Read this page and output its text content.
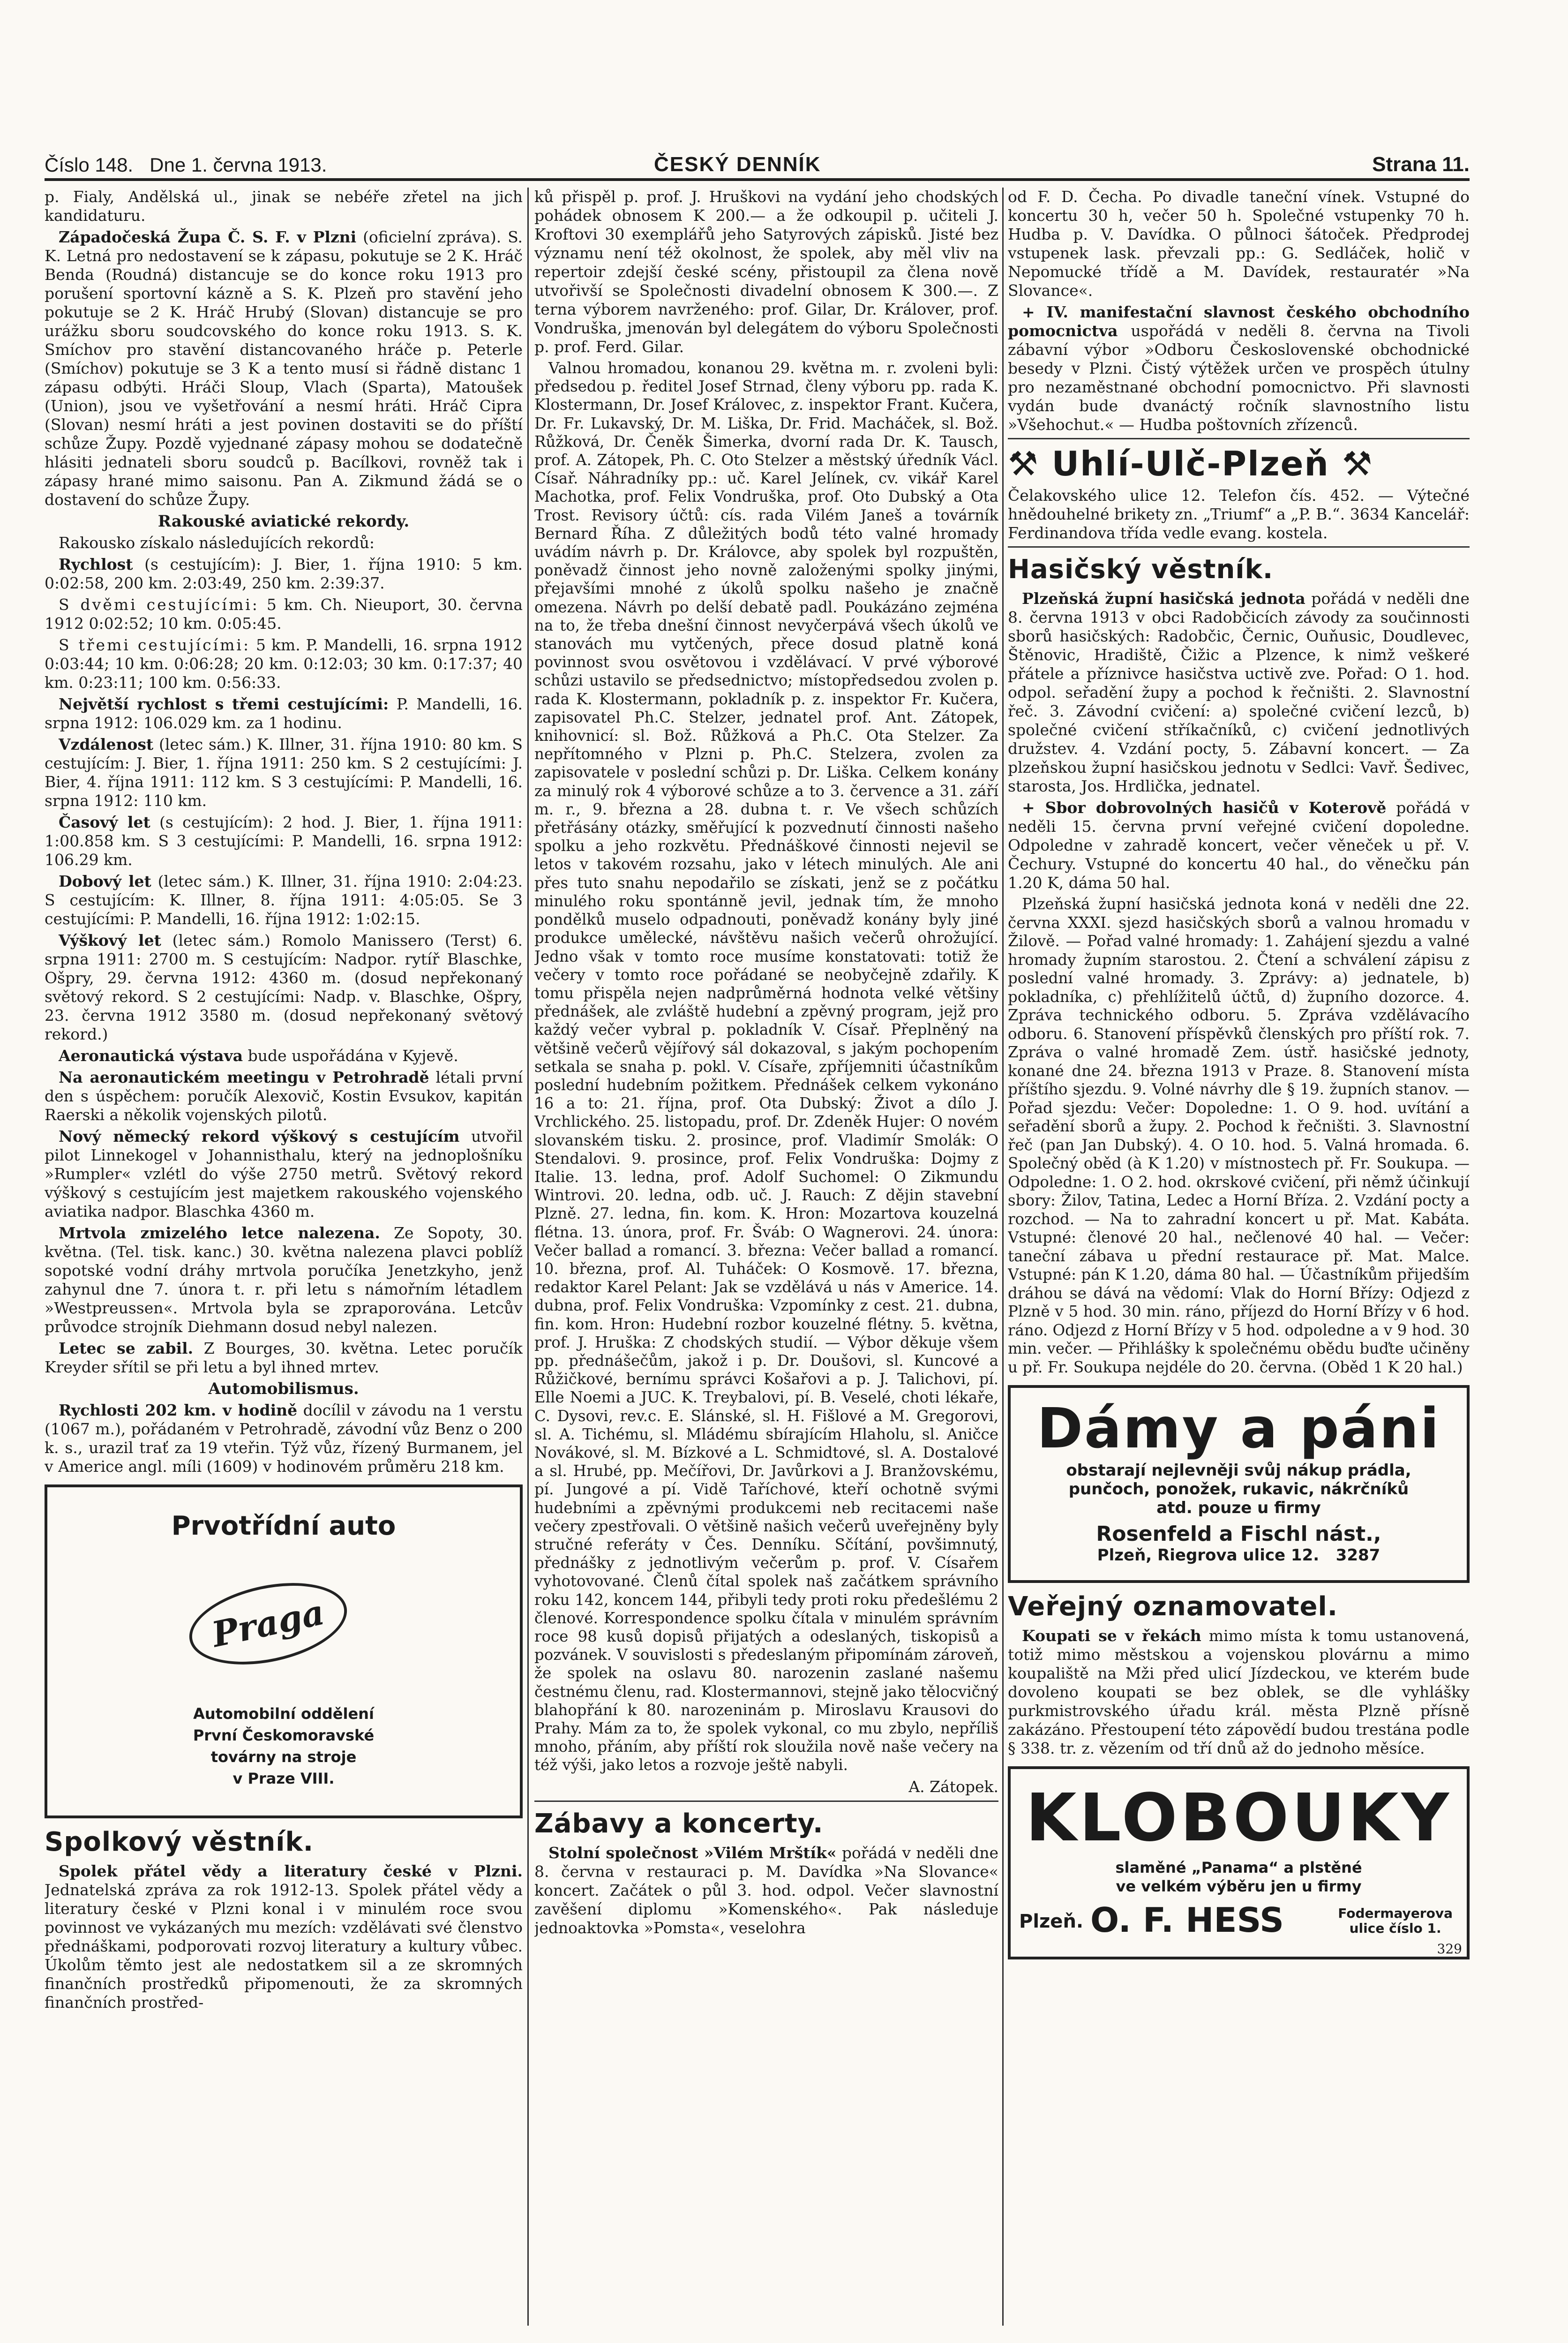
Číslo 148. Dne 1. června 1913.	ČESKÝ DENNÍK	Strana 11.

p. Fialy, Andělská ul., jinak se nebéře zřetel na jich kandidaturu.

Západočeská Župa Č. S. F. v Plzni (oficielní zpráva). S. K. Letná pro nedostavení se k zápasu, pokutuje se 2 K. Hráč Benda (Roudná) distancuje se do konce roku 1913 pro porušení sportovní kázně a S. K. Plzeň pro stavění jeho pokutuje se 2 K. Hráč Hrubý (Slovan) distancuje se pro urážku sboru soudcovského do konce roku 1913. S. K. Smíchov pro stavění distancovaného hráče p. Peterle (Smíchov) pokutuje se 3 K a tento musí si řádně distanc 1 zápasu odbýti. Hráči Sloup, Vlach (Sparta), Matoušek (Union), jsou ve vyšetřování a nesmí hráti. Hráč Cipra (Slovan) nesmí hráti a jest povinen dostaviti se do příští schůze Župy. Pozdě vyjednané zápasy mohou se dodatečně hlásiti jednateli sboru soudců p. Bacílkovi, rovněž tak i zápasy hrané mimo saisonu. Pan A. Zikmund žádá se o dostavení do schůze Župy.

Rakouské aviatické rekordy.

Rakousko získalo následujících rekordů:

Rychlost (s cestujícím): J. Bier, 1. října 1910: 5 km. 0:02:58, 200 km. 2:03:49, 250 km. 2:39:37.

S dvěmi cestujícími: 5 km. Ch. Nieuport, 30. června 1912 0:02:52; 10 km. 0:05:45.

S třemi cestujícími: 5 km. P. Mandelli, 16. srpna 1912 0:03:44; 10 km. 0:06:28; 20 km. 0:12:03; 30 km. 0:17:37; 40 km. 0:23:11; 100 km. 0:56:33.

Největší rychlost s třemi cestujícími: P. Mandelli, 16. srpna 1912: 106.029 km. za 1 hodinu.

Vzdálenost (letec sám.) K. Illner, 31. října 1910: 80 km. S cestujícím: J. Bier, 1. října 1911: 250 km. S 2 cestujícími: J. Bier, 4. října 1911: 112 km. S 3 cestujícími: P. Mandelli, 16. srpna 1912: 110 km.

Časový let (s cestujícím): 2 hod. J. Bier, 1. října 1911: 1:00.858 km. S 3 cestujícími: P. Mandelli, 16. srpna 1912: 106.29 km.

Dobový let (letec sám.) K. Illner, 31. října 1910: 2:04:23. S cestujícím: K. Illner, 8. října 1911: 4:05:05. Se 3 cestujícími: P. Mandelli, 16. října 1912: 1:02:15.

Výškový let (letec sám.) Romolo Manissero (Terst) 6. srpna 1911: 2700 m. S cestujícím: Nadpor. rytíř Blaschke, Ošpry, 29. června 1912: 4360 m. (dosud nepřekonaný světový rekord. S 2 cestujícími: Nadp. v. Blaschke, Ošpry, 23. června 1912 3580 m. (dosud nepřekonaný světový rekord.)

Aeronautická výstava bude uspořádána v Kyjevě.

Na aeronautickém meetingu v Petrohradě létali první den s úspěchem: poručík Alexovič, Kostin Evsukov, kapitán Raerski a několik vojenských pilotů.

Nový německý rekord výškový s cestujícím utvořil pilot Linnekogel v Johannisthalu, který na jednoplošníku »Rumpler« vzlétl do výše 2750 metrů. Světový rekord výškový s cestujícím jest majetkem rakouského vojenského aviatika nadpor. Blaschka 4360 m.

Mrtvola zmizelého letce nalezena. Ze Sopoty, 30. května. (Tel. tisk. kanc.) 30. května nalezena plavci poblíž sopotské vodní dráhy mrtvola poručíka Jenetzkyho, jenž zahynul dne 7. února t. r. při letu s námořním létadlem »Westpreussen«. Mrtvola byla se zpraporována. Letcův průvodce strojník Diehmann dosud nebyl nalezen.

Letec se zabil. Z Bourges, 30. května. Letec poručík Kreyder sřítil se při letu a byl ihned mrtev.

Automobilismus.

Rychlosti 202 km. v hodině docílil v závodu na 1 verstu (1067 m.), pořádaném v Petrohradě, závodní vůz Benz o 200 k. s., urazil trať za 19 vteřin. Týž vůz, řízený Burmanem, jel v Americe angl. míli (1609) v hodinovém průměru 218 km.

Prvotřídní auto
Praga
Automobilní oddělení
První Českomoravské
továrny na stroje
v Praze VIII.
Spolkový věstník.

Spolek přátel vědy a literatury české v Plzni. Jednatelská zpráva za rok 1912-13. Spolek přátel vědy a literatury české v Plzni konal i v minulém roce svou povinnost ve vykázaných mu mezích: vzdělávati své členstvo přednáškami, podporovati rozvoj literatury a kultury vůbec. Úkolům těmto jest ale nedostatkem sil a ze skromných finančních prostředků připomenouti, že za skromných finančních prostřed-

ků přispěl p. prof. J. Hruškovi na vydání jeho chodských pohádek obnosem K 200.— a že odkoupil p. učiteli J. Kroftovi 30 exemplářů jeho Satyrových zápisků. Jisté bez významu není též okolnost, že spolek, aby měl vliv na repertoir zdejší české scény, přistoupil za člena nově utvořivší se Společnosti divadelní obnosem K 300.—. Z terna výborem navrženého: prof. Gilar, Dr. Králover, prof. Vondruška, jmenován byl delegátem do výboru Společnosti p. prof. Ferd. Gilar.

Valnou hromadou, konanou 29. května m. r. zvoleni byli: předsedou p. ředitel Josef Strnad, členy výboru pp. rada K. Klostermann, Dr. Josef Královec, z. inspektor Frant. Kučera, Dr. Fr. Lukavský, Dr. M. Liška, Dr. Frid. Macháček, sl. Bož. Růžková, Dr. Čeněk Šimerka, dvorní rada Dr. K. Tausch, prof. A. Zátopek, Ph. C. Oto Stelzer a městský úředník Václ. Císař. Náhradníky pp.: uč. Karel Jelínek, cv. vikář Karel Machotka, prof. Felix Vondruška, prof. Oto Dubský a Ota Trost. Revisory účtů: cís. rada Vilém Janeš a továrník Bernard Říha. Z důležitých bodů této valné hromady uvádím návrh p. Dr. Královce, aby spolek byl rozpuštěn, poněvadž činnost jeho novně založenými spolky jinými, přejavšími mnohé z úkolů spolku našeho je značně omezena. Návrh po delší debatě padl. Poukázáno zejména na to, že třeba dnešní činnost nevyčerpává všech úkolů ve stanovách mu vytčených, přece dosud platně koná povinnost svou osvětovou i vzdělávací. V prvé výborové schůzi ustavilo se předsednictvo; místopředsedou zvolen p. rada K. Klostermann, pokladník p. z. inspektor Fr. Kučera, zapisovatel Ph.C. Stelzer, jednatel prof. Ant. Zátopek, knihovnicí: sl. Bož. Růžková a Ph.C. Ota Stelzer. Za nepřítomného v Plzni p. Ph.C. Stelzera, zvolen za zapisovatele v poslední schůzi p. Dr. Liška. Celkem konány za minulý rok 4 výborové schůze a to 3. července a 31. září m. r., 9. března a 28. dubna t. r. Ve všech schůzích přetřásány otázky, směřující k pozvednutí činnosti našeho spolku a jeho rozkvětu. Přednáškové činnosti nejevil se letos v takovém rozsahu, jako v létech minulých. Ale ani přes tuto snahu nepodařilo se získati, jenž se z počátku minulého roku spontánně jevil, jednak tím, že mnoho pondělků muselo odpadnouti, poněvadž konány byly jiné produkce umělecké, návštěvu našich večerů ohrožující. Jedno však v tomto roce musíme konstatovati: totiž že večery v tomto roce pořádané se neobyčejně zdařily. K tomu přispěla nejen nadprůměrná hodnota velké většiny přednášek, ale zvláště hudební a zpěvný program, jejž pro každý večer vybral p. pokladník V. Císař. Přeplněný na většině večerů vějířový sál dokazoval, s jakým pochopením setkala se snaha p. pokl. V. Císaře, zpříjemniti účastníkům poslední hudebním požitkem. Přednášek celkem vykonáno 16 a to: 21. října, prof. Ota Dubský: Život a dílo J. Vrchlického. 25. listopadu, prof. Dr. Zdeněk Hujer: O novém slovanském tisku. 2. prosince, prof. Vladimír Smolák: O Stendalovi. 9. prosince, prof. Felix Vondruška: Dojmy z Italie. 13. ledna, prof. Adolf Suchomel: O Zikmundu Wintrovi. 20. ledna, odb. uč. J. Rauch: Z dějin stavební Plzně. 27. ledna, fin. kom. K. Hron: Mozartova kouzelná flétna. 13. února, prof. Fr. Šváb: O Wagnerovi. 24. února: Večer ballad a romancí. 3. března: Večer ballad a romancí. 10. března, prof. Al. Tuháček: O Kosmově. 17. března, redaktor Karel Pelant: Jak se vzdělává u nás v Americe. 14. dubna, prof. Felix Vondruška: Vzpomínky z cest. 21. dubna, fin. kom. Hron: Hudební rozbor kouzelné flétny. 5. května, prof. J. Hruška: Z chodských studií. — Výbor děkuje všem pp. přednášečům, jakož i p. Dr. Doušovi, sl. Kuncové a Růžičkové, bernímu správci Košařovi a p. J. Talichovi, pí. Elle Noemi a JUC. K. Treybalovi, pí. B. Veselé, choti lékaře, C. Dysovi, rev.c. E. Slánské, sl. H. Fišlové a M. Gregorovi, sl. A. Tichému, sl. Mládému sbírajícím Hlaholu, sl. Aničce Novákové, sl. M. Bízkové a L. Schmidtové, sl. A. Dostalové a sl. Hrubé, pp. Mečířovi, Dr. Javůrkovi a J. Branžovskému, pí. Jungové a pí. Vidě Taříchové, kteří ochotně svými hudebními a zpěvnými produkcemi neb recitacemi naše večery zpestřovali. O většině našich večerů uveřejněny byly stručné referáty v Čes. Denníku. Sčítání, povšimnutý, přednášky z jednotlivým večerům p. prof. V. Císařem vyhotovované. Členů čítal spolek naš začátkem správního roku 142, koncem 144, přibyli tedy proti roku předešlému 2 členové. Korrespondence spolku čítala v minulém správním roce 98 kusů dopisů přijatých a odeslaných, tiskopisů a pozvánek. V souvislosti s předeslaným připomínám zároveň, že spolek na oslavu 80. narozenin zaslané našemu čestnému členu, rad. Klostermannovi, stejně jako tělocvičný blahopřání k 80. narozeninám p. Miroslavu Krausovi do Prahy. Mám za to, že spolek vykonal, co mu zbylo, nepříliš mnoho, přáním, aby příští rok sloužila nově naše večery na též výši, jako letos a rozvoje ještě nabyli.

A. Zátopek.
Zábavy a koncerty.

Stolní společnost »Vilém Mrštík« pořádá v neděli dne 8. června v restauraci p. M. Davídka »Na Slovance« koncert. Začátek o půl 3. hod. odpol. Večer slavnostní zavěšení diplomu »Komenského«. Pak následuje jednoaktovka »Pomsta«, veselohra

od F. D. Čecha. Po divadle taneční vínek. Vstupné do koncertu 30 h, večer 50 h. Společné vstupenky 70 h. Hudba p. V. Davídka. O půlnoci šátoček. Předprodej vstupenek lask. převzali pp.: G. Sedláček, holič v Nepomucké třídě a M. Davídek, restauratér »Na Slovance«.

+ IV. manifestační slavnost českého obchodního pomocnictva uspořádá v neděli 8. června na Tivoli zábavní výbor »Odboru Československé obchodnické besedy v Plzni. Čistý výtěžek určen ve prospěch útulny pro nezaměstnané obchodní pomocnictvo. Při slavnosti vydán bude dvanáctý ročník slavnostního listu »Všehochut.« — Hudba poštovních zřízenců.

⚒ Uhlí-Ulč-Plzeň ⚒

Čelakovského ulice 12. Telefon čís. 452. — Výtečné hnědouhelné brikety zn. „Triumf“ a „P. B.“. 3634 Kancelář: Ferdinandova třída vedle evang. kostela.

Hasičský věstník.

Plzeňská župní hasičská jednota pořádá v neděli dne 8. června 1913 v obci Radobčicích závody za součinnosti sborů hasičských: Radobčic, Černic, Ouňusic, Doudlevec, Štěnovic, Hradiště, Čižic a Plzence, k nimž veškeré přátele a příznivce hasičstva uctivě zve. Pořad: O 1. hod. odpol. seřadění župy a pochod k řečništi. 2. Slavnostní řeč. 3. Závodní cvičení: a) společné cvičení lezců, b) společné cvičení stříkačníků, c) cvičení jednotlivých družstev. 4. Vzdání pocty, 5. Zábavní koncert. — Za plzeňskou župní hasičskou jednotu v Sedlci: Vavř. Šedivec, starosta, Jos. Hrdlička, jednatel.

+ Sbor dobrovolných hasičů v Koterově pořádá v neděli 15. června první veřejné cvičení dopoledne. Odpoledne v zahradě koncert, večer věneček u př. V. Čechury. Vstupné do koncertu 40 hal., do věnečku pán 1.20 K, dáma 50 hal.

Plzeňská župní hasičská jednota koná v neděli dne 22. června XXXI. sjezd hasičských sborů a valnou hromadu v Žilově. — Pořad valné hromady: 1. Zahájení sjezdu a valné hromady župním starostou. 2. Čtení a schválení zápisu z poslední valné hromady. 3. Zprávy: a) jednatele, b) pokladníka, c) přehlížitelů účtů, d) župního dozorce. 4. Zpráva technického odboru. 5. Zpráva vzdělávacího odboru. 6. Stanovení příspěvků členských pro příští rok. 7. Zpráva o valné hromadě Zem. ústř. hasičské jednoty, konané dne 24. března 1913 v Praze. 8. Stanovení místa příštího sjezdu. 9. Volné návrhy dle § 19. župních stanov. — Pořad sjezdu: Večer: Dopoledne: 1. O 9. hod. uvítání a seřadění sborů a župy. 2. Pochod k řečništi. 3. Slavnostní řeč (pan Jan Dubský). 4. O 10. hod. 5. Valná hromada. 6. Společný oběd (à K 1.20) v místnostech př. Fr. Soukupa. — Odpoledne: 1. O 2. hod. okrskové cvičení, při němž účinkují sbory: Žilov, Tatina, Ledec a Horní Bříza. 2. Vzdání pocty a rozchod. — Na to zahradní koncert u př. Mat. Kabáta. Vstupné: členové 20 hal., nečlenové 40 hal. — Večer: taneční zábava u přední restaurace př. Mat. Malce. Vstupné: pán K 1.20, dáma 80 hal. — Účastníkům přijedším dráhou se dává na vědomí: Vlak do Horní Břízy: Odjezd z Plzně v 5 hod. 30 min. ráno, příjezd do Horní Břízy v 6 hod. ráno. Odjezd z Horní Břízy v 5 hod. odpoledne a v 9 hod. 30 min. večer. — Přihlášky k společnému obědu buďte učiněny u př. Fr. Soukupa nejdéle do 20. června. (Oběd 1 K 20 hal.)

Dámy a páni
obstarají nejlevněji svůj nákup prádla,
punčoch, ponožek, rukavic, nákrčníků
atd. pouze u firmy
Rosenfeld a Fischl nást.,
Plzeň, Riegrova ulice 12. 3287
Veřejný oznamovatel.

Koupati se v řekách mimo místa k tomu ustanovená, totiž mimo městskou a vojenskou plovárnu a mimo koupaliště na Mži před ulicí Jízdeckou, ve kterém bude dovoleno koupati se bez oblek, se dle vyhlášky purkmistrovského úřadu král. města Plzně přísně zakázáno. Přestoupení této zápovědí budou trestána podle § 338. tr. z. vězením od tří dnů až do jednoho měsíce.

KLOBOUKY
slaměné „Panama“ a plstěné
ve velkém výběru jen u firmy
Plzeň. O. F. HESS	Fodermayerova
ulice číslo 1.
329
